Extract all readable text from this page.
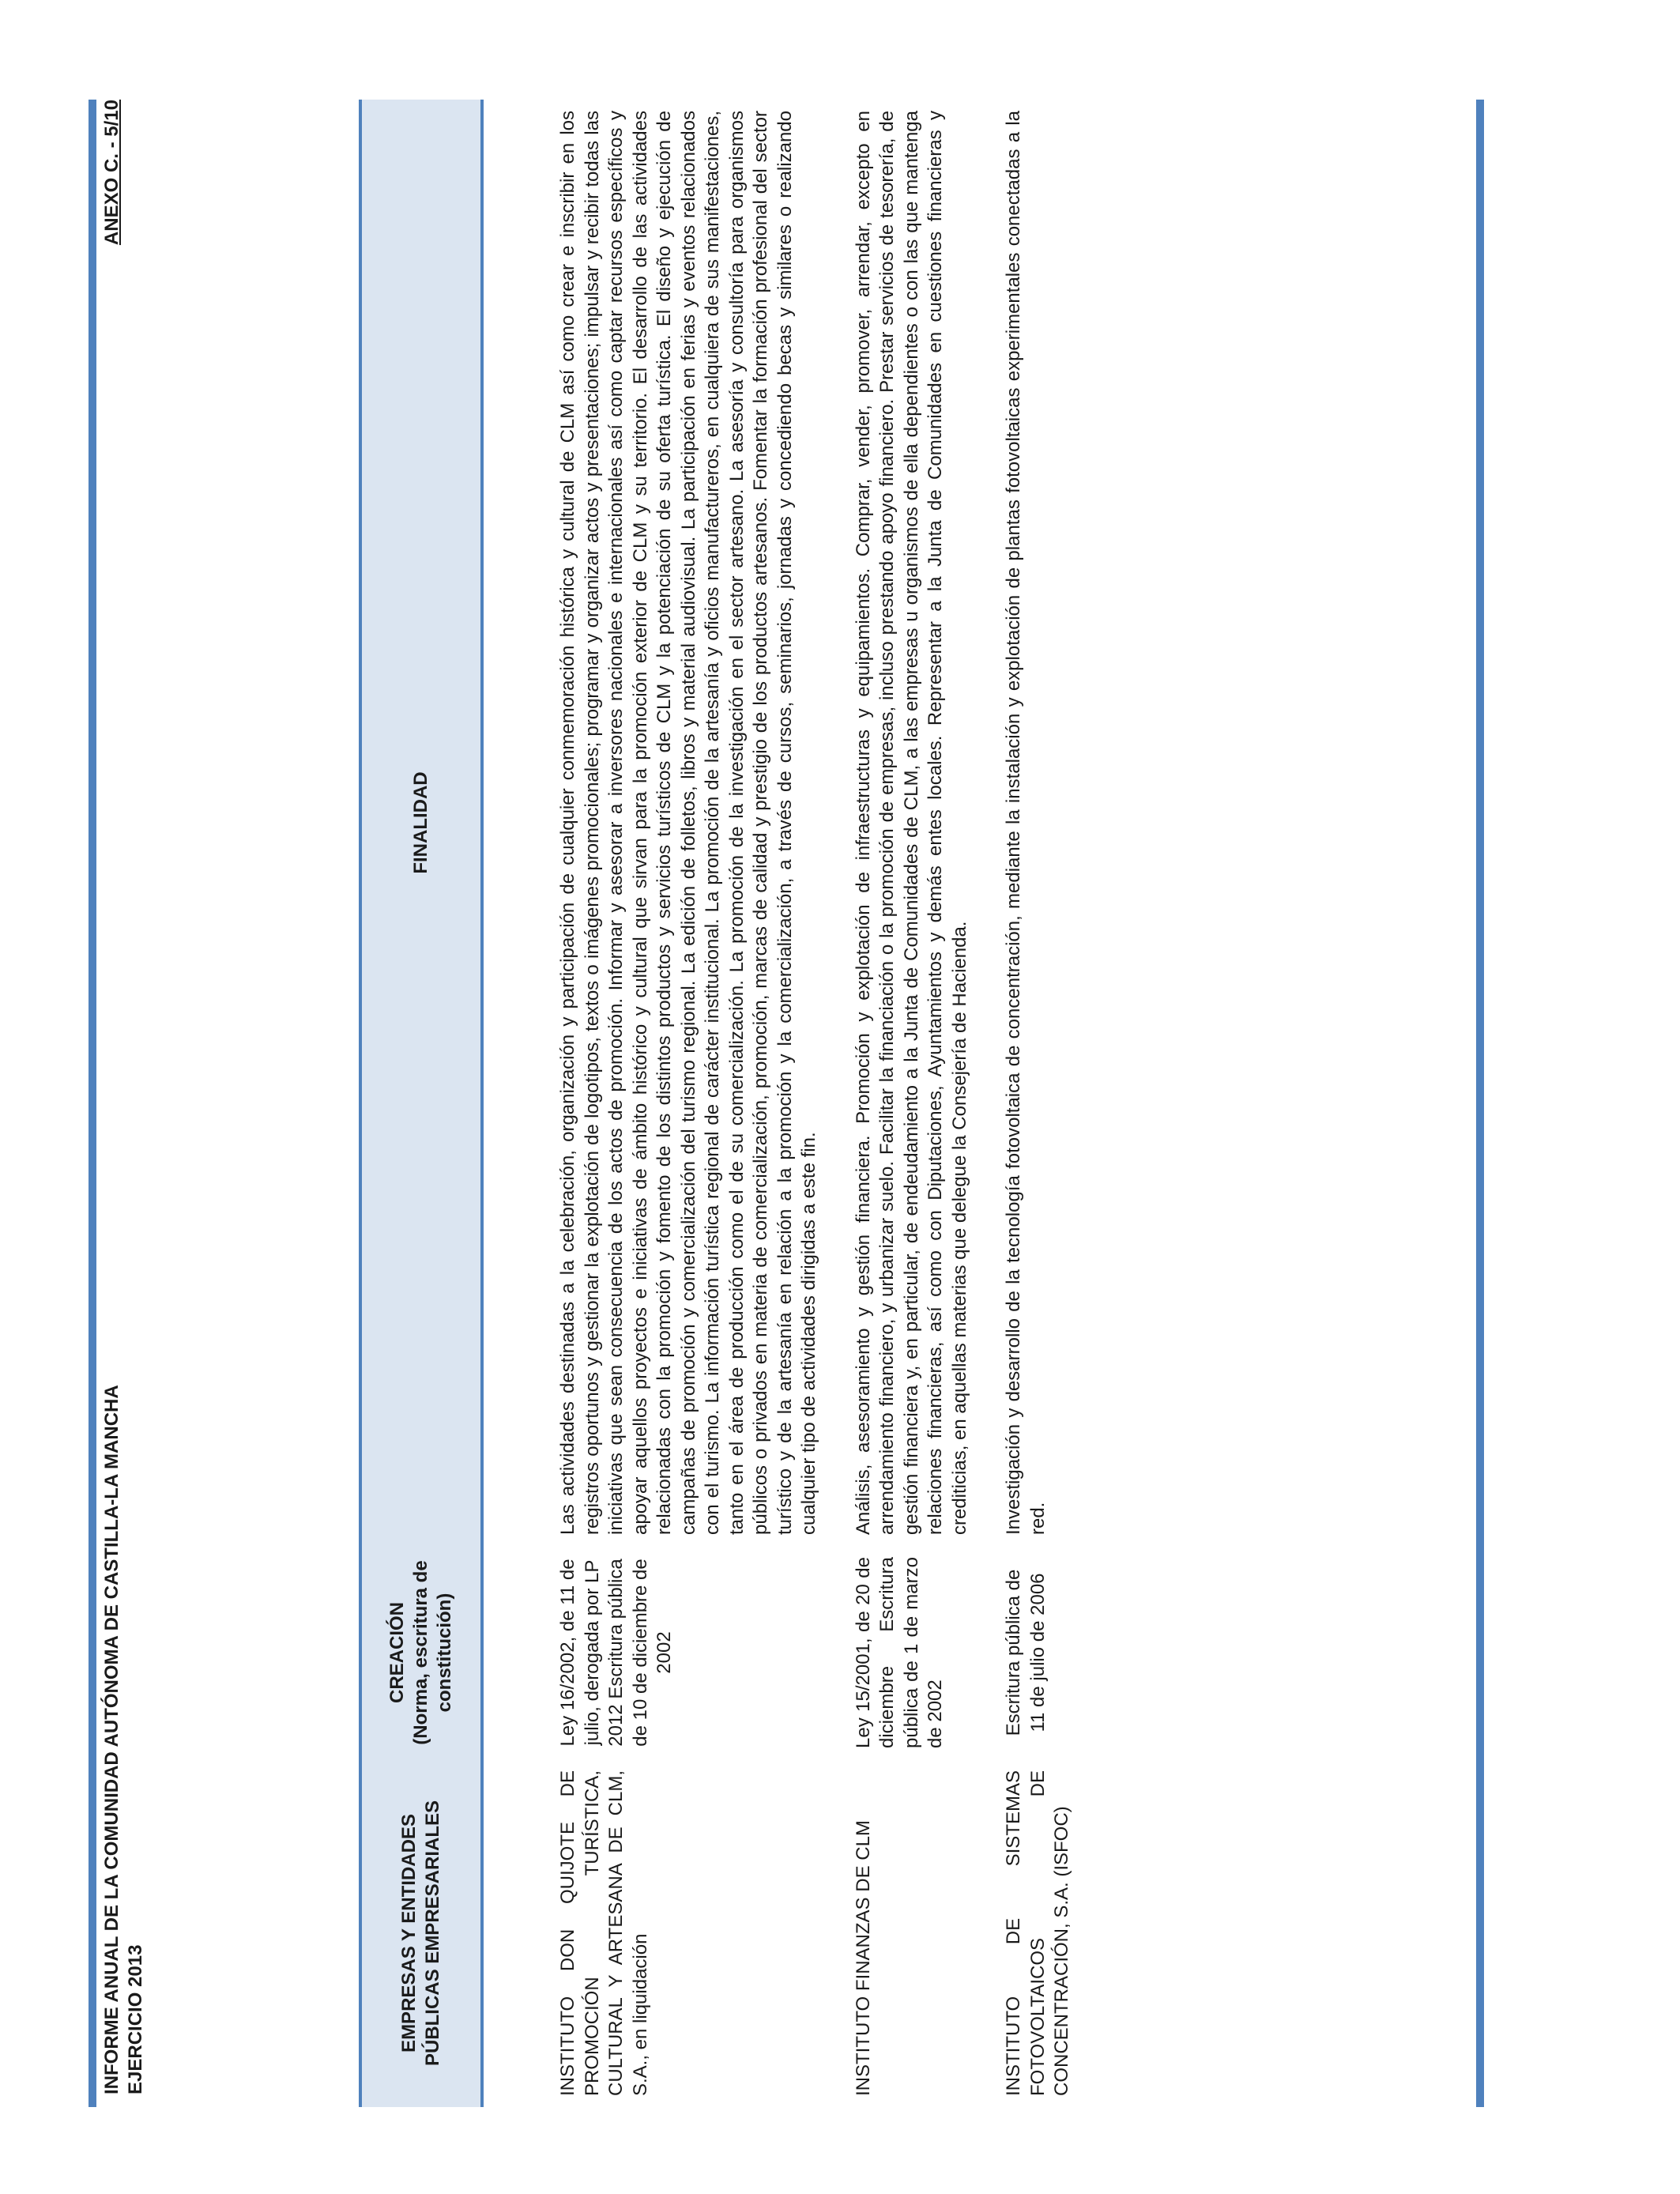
INFORME ANUAL DE LA COMUNIDAD AUTÓNOMA DE CASTILLA-LA MANCHA EJERCICIO 2013
ANEXO C. - 5/10
EMPRESAS Y ENTIDADES PÚBLICAS EMPRESARIALES	CREACIÓN (Norma, escritura de constitución)	FINALIDAD

INSTITUTO DON QUIJOTE DE PROMOCIÓN TURÍSTICA, CULTURAL Y ARTESANA DE CLM, S.A., en liquidación	Ley 16/2002, de 11 de julio, derogada por LP 2012 Escritura pública de 10 de diciembre de 2002	Las actividades destinadas a la celebración, organización y participación de cualquier conmemoración histórica y cultural de CLM así como crear e inscribir en los registros oportunos y gestionar la explotación de logotipos, textos o imágenes promocionales; programar y organizar actos y presentaciones; impulsar y recibir todas las iniciativas que sean consecuencia de los actos de promoción. Informar y asesorar a inversores nacionales e internacionales así como captar recursos específicos y apoyar aquellos proyectos e iniciativas de ámbito histórico y cultural que sirvan para la promoción exterior de CLM y su territorio. El desarrollo de las actividades relacionadas con la promoción y fomento de los distintos productos y servicios turísticos de CLM y la potenciación de su oferta turística. El diseño y ejecución de campañas de promoción y comercialización del turismo regional. La edición de folletos, libros y material audiovisual. La participación en ferias y eventos relacionados con el turismo. La información turística regional de carácter institucional. La promoción de la artesanía y oficios manufactureros, en cualquiera de sus manifestaciones, tanto en el área de producción como el de su comercialización. La promoción de la investigación en el sector artesano. La asesoría y consultoría para organismos públicos o privados en materia de comercialización, promoción, marcas de calidad y prestigio de los productos artesanos. Fomentar la formación profesional del sector turístico y de la artesanía en relación a la promoción y la comercialización, a través de cursos, seminarios, jornadas y concediendo becas y similares o realizando cualquier tipo de actividades dirigidas a este fin.
INSTITUTO FINANZAS DE CLM	Ley 15/2001, de 20 de diciembre Escritura pública de 1 de marzo de 2002	Análisis, asesoramiento y gestión financiera. Promoción y explotación de infraestructuras y equipamientos. Comprar, vender, promover, arrendar, excepto en arrendamiento financiero, y urbanizar suelo. Facilitar la financiación o la promoción de empresas, incluso prestando apoyo financiero. Prestar servicios de tesorería, de gestión financiera y, en particular, de endeudamiento a la Junta de Comunidades de CLM, a las empresas u organismos de ella dependientes o con las que mantenga relaciones financieras, así como con Diputaciones, Ayuntamientos y demás entes locales. Representar a la Junta de Comunidades en cuestiones financieras y crediticias, en aquellas materias que delegue la Consejería de Hacienda.
INSTITUTO DE SISTEMAS FOTOVOLTAICOS DE CONCENTRACIÓN, S.A. (ISFOC)	Escritura pública de 11 de julio de 2006	Investigación y desarrollo de la tecnología fotovoltaica de concentración, mediante la instalación y explotación de plantas fotovoltaicas experimentales conectadas a la red.
